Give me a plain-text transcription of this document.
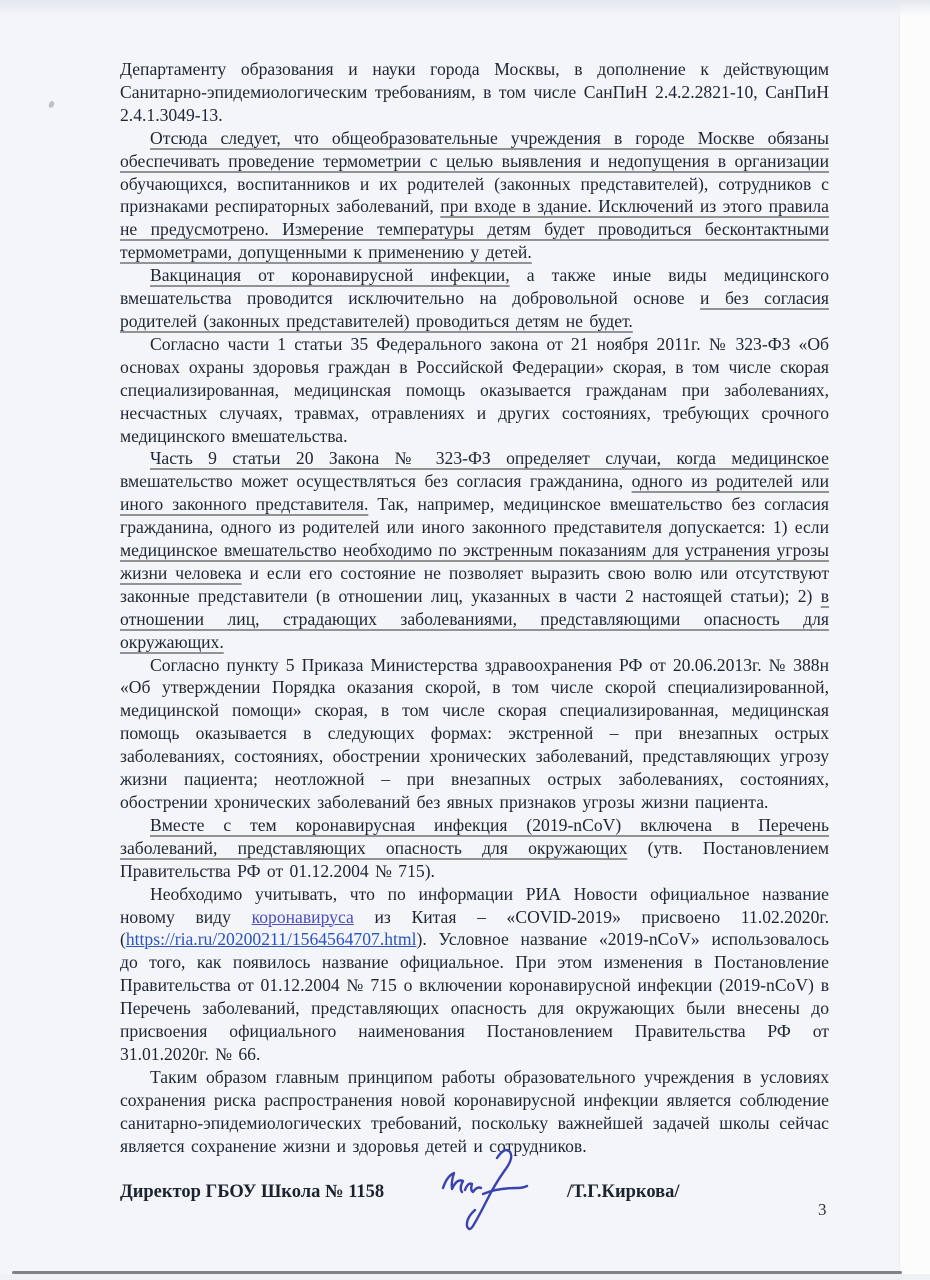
Департаменту образования и науки города Москвы, в дополнение к действующим Санитарно-эпидемиологическим требованиям, в том числе СанПиН 2.4.2.2821-10, СанПиН 2.4.1.3049-13.

Отсюда следует, что общеобразовательные учреждения в городе Москве обязаны обеспечивать проведение термометрии с целью выявления и недопущения в организации обучающихся, воспитанников и их родителей (законных представителей), сотрудников с признаками респираторных заболеваний, при входе в здание. Исключений из этого правила не предусмотрено. Измерение температуры детям будет проводиться бесконтактными термометрами, допущенными к применению у детей.

Вакцинация от коронавирусной инфекции, а также иные виды медицинского вмешательства проводится исключительно на добровольной основе и без согласия родителей (законных представителей) проводиться детям не будет.

Согласно части 1 статьи 35 Федерального закона от 21 ноября 2011г. № 323-ФЗ «Об основах охраны здоровья граждан в Российской Федерации» скорая, в том числе скорая специализированная, медицинская помощь оказывается гражданам при заболеваниях, несчастных случаях, травмах, отравлениях и других состояниях, требующих срочного медицинского вмешательства.

Часть 9 статьи 20 Закона № 323-ФЗ определяет случаи, когда медицинское вмешательство может осуществляться без согласия гражданина, одного из родителей или иного законного представителя. Так, например, медицинское вмешательство без согласия гражданина, одного из родителей или иного законного представителя допускается: 1) если медицинское вмешательство необходимо по экстренным показаниям для устранения угрозы жизни человека и если его состояние не позволяет выразить свою волю или отсутствуют законные представители (в отношении лиц, указанных в части 2 настоящей статьи); 2) в отношении лиц, страдающих заболеваниями, представляющими опасность для окружающих.

Согласно пункту 5 Приказа Министерства здравоохранения РФ от 20.06.2013г. № 388н «Об утверждении Порядка оказания скорой, в том числе скорой специализированной, медицинской помощи» скорая, в том числе скорая специализированная, медицинская помощь оказывается в следующих формах: экстренной – при внезапных острых заболеваниях, состояниях, обострении хронических заболеваний, представляющих угрозу жизни пациента; неотложной – при внезапных острых заболеваниях, состояниях, обострении хронических заболеваний без явных признаков угрозы жизни пациента.

Вместе с тем коронавирусная инфекция (2019-nCoV) включена в Перечень заболеваний, представляющих опасность для окружающих (утв. Постановлением Правительства РФ от 01.12.2004 № 715).

Необходимо учитывать, что по информации РИА Новости официальное название новому виду коронавируса из Китая – «COVID-2019» присвоено 11.02.2020г. (https://ria.ru/20200211/1564564707.html). Условное название «2019-nCoV» использовалось до того, как появилось название официальное. При этом изменения в Постановление Правительства от 01.12.2004 № 715 о включении коронавирусной инфекции (2019-nCoV) в Перечень заболеваний, представляющих опасность для окружающих были внесены до присвоения официального наименования Постановлением Правительства РФ от 31.01.2020г. № 66.

Таким образом главным принципом работы образовательного учреждения в условиях сохранения риска распространения новой коронавирусной инфекции является соблюдение санитарно-эпидемиологических требований, поскольку важнейшей задачей школы сейчас является сохранение жизни и здоровья детей и сотрудников.

Директор ГБОУ Школа № 1158	/Т.Г.Киркова/
3
